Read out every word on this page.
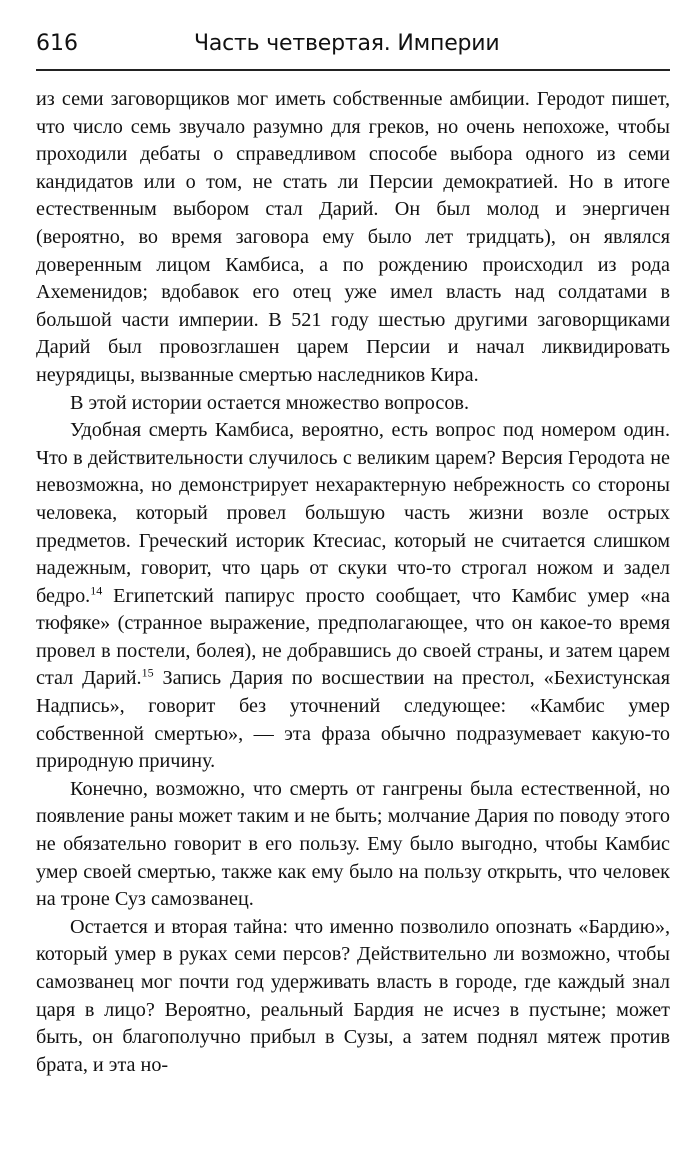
616	Часть четвертая. Империи

из семи заговорщиков мог иметь собственные амбиции. Геродот пишет, что число семь звучало разумно для греков, но очень непохоже, чтобы проходили дебаты о справедливом способе выбора одного из семи кандидатов или о том, не стать ли Персии демократией. Но в итоге естественным выбором стал Дарий. Он был молод и энергичен (вероятно, во время заговора ему было лет тридцать), он являлся доверенным лицом Камбиса, а по рождению происходил из рода Ахеменидов; вдобавок его отец уже имел власть над солдатами в большой части империи. В 521 году шестью другими заговорщиками Дарий был провозглашен царем Персии и начал ликвидировать неурядицы, вызванные смертью наследников Кира.

В этой истории остается множество вопросов.

Удобная смерть Камбиса, вероятно, есть вопрос под номером один. Что в действительности случилось с великим царем? Версия Геродота не невозможна, но демонстрирует нехарактерную небрежность со стороны человека, который провел большую часть жизни возле острых предметов. Греческий историк Ктесиас, который не считается слишком надежным, говорит, что царь от скуки что-то строгал ножом и задел бедро.$^{14}$ Египетский папирус просто сообщает, что Камбис умер «на тюфяке» (странное выражение, предполагающее, что он какое-то время провел в постели, болея), не добравшись до своей страны, и затем царем стал Дарий.$^{15}$ Запись Дария по восшествии на престол, «Бехистунская Надпись», говорит без уточнений следующее: «Камбис умер собственной смертью», — эта фраза обычно подразумевает какую-то природную причину.

Конечно, возможно, что смерть от гангрены была естественной, но появление раны может таким и не быть; молчание Дария по поводу этого не обязательно говорит в его пользу. Ему было выгодно, чтобы Камбис умер своей смертью, также как ему было на пользу открыть, что человек на троне Суз самозванец.

Остается и вторая тайна: что именно позволило опознать «Бардию», который умер в руках семи персов? Действительно ли возможно, чтобы самозванец мог почти год удерживать власть в городе, где каждый знал царя в лицо? Вероятно, реальный Бардия не исчез в пустыне; может быть, он благополучно прибыл в Сузы, а затем поднял мятеж против брата, и эта но-
